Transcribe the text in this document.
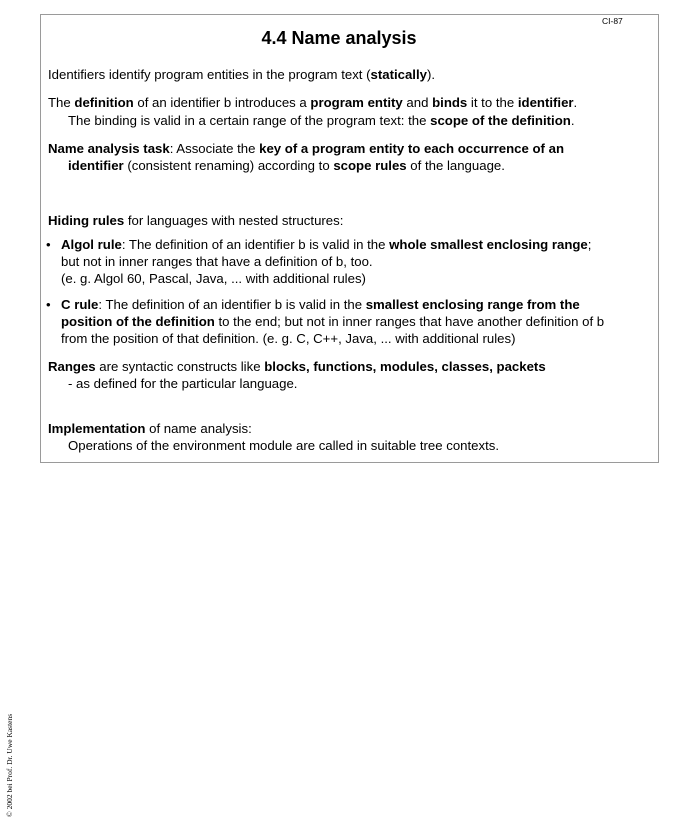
CI-87
4.4 Name analysis
© 2002 bei Prof. Dr. Uwe Kastens

Identifiers identify program entities in the program text (statically).

The definition of an identifier b introduces a program entity and binds it to the identifier.

The binding is valid in a certain range of the program text: the scope of the definition.

Name analysis task: Associate the key of a program entity to each occurrence of an

identifier (consistent renaming) according to scope rules of the language.

Hiding rules for languages with nested structures:

• Algol rule: The definition of an identifier b is valid in the whole smallest enclosing range;

but not in inner ranges that have a definition of b, too.

(e. g. Algol 60, Pascal, Java, ... with additional rules)

• C rule: The definition of an identifier b is valid in the smallest enclosing range from the

position of the definition to the end; but not in inner ranges that have another definition of b

from the position of that definition. (e. g. C, C++, Java, ... with additional rules)

Ranges are syntactic constructs like blocks, functions, modules, classes, packets

- as defined for the particular language.

Implementation of name analysis:

Operations of the environment module are called in suitable tree contexts.
